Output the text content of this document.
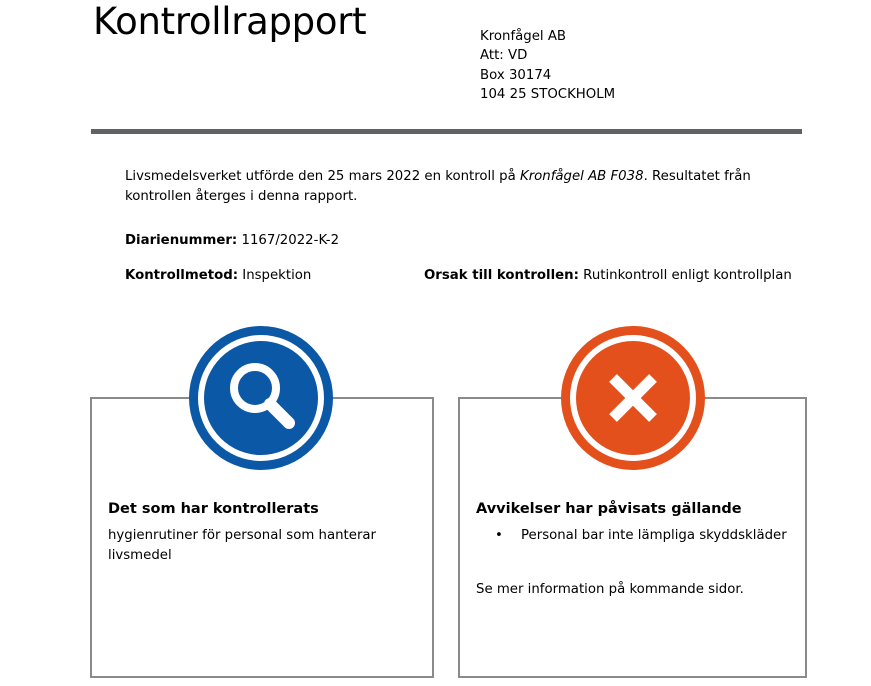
Kontrollrapport	Kronfågel AB
Att: VD
Box 30174
104 25 STOCKHOLM
Livsmedelsverket utförde den 25 mars 2022 en kontroll på Kronfågel AB F038. Resultatet från kontrollen återges i denna rapport.
Diarienummer: 1167/2022-K-2
Kontrollmetod: Inspektion	Orsak till kontrollen: Rutinkontroll enligt kontrollplan
Det som har kontrollerats
hygienrutiner för personal som hanterar livsmedel
Avvikelser har påvisats gällande
• Personal bar inte lämpliga skyddskläder
Se mer information på kommande sidor.
